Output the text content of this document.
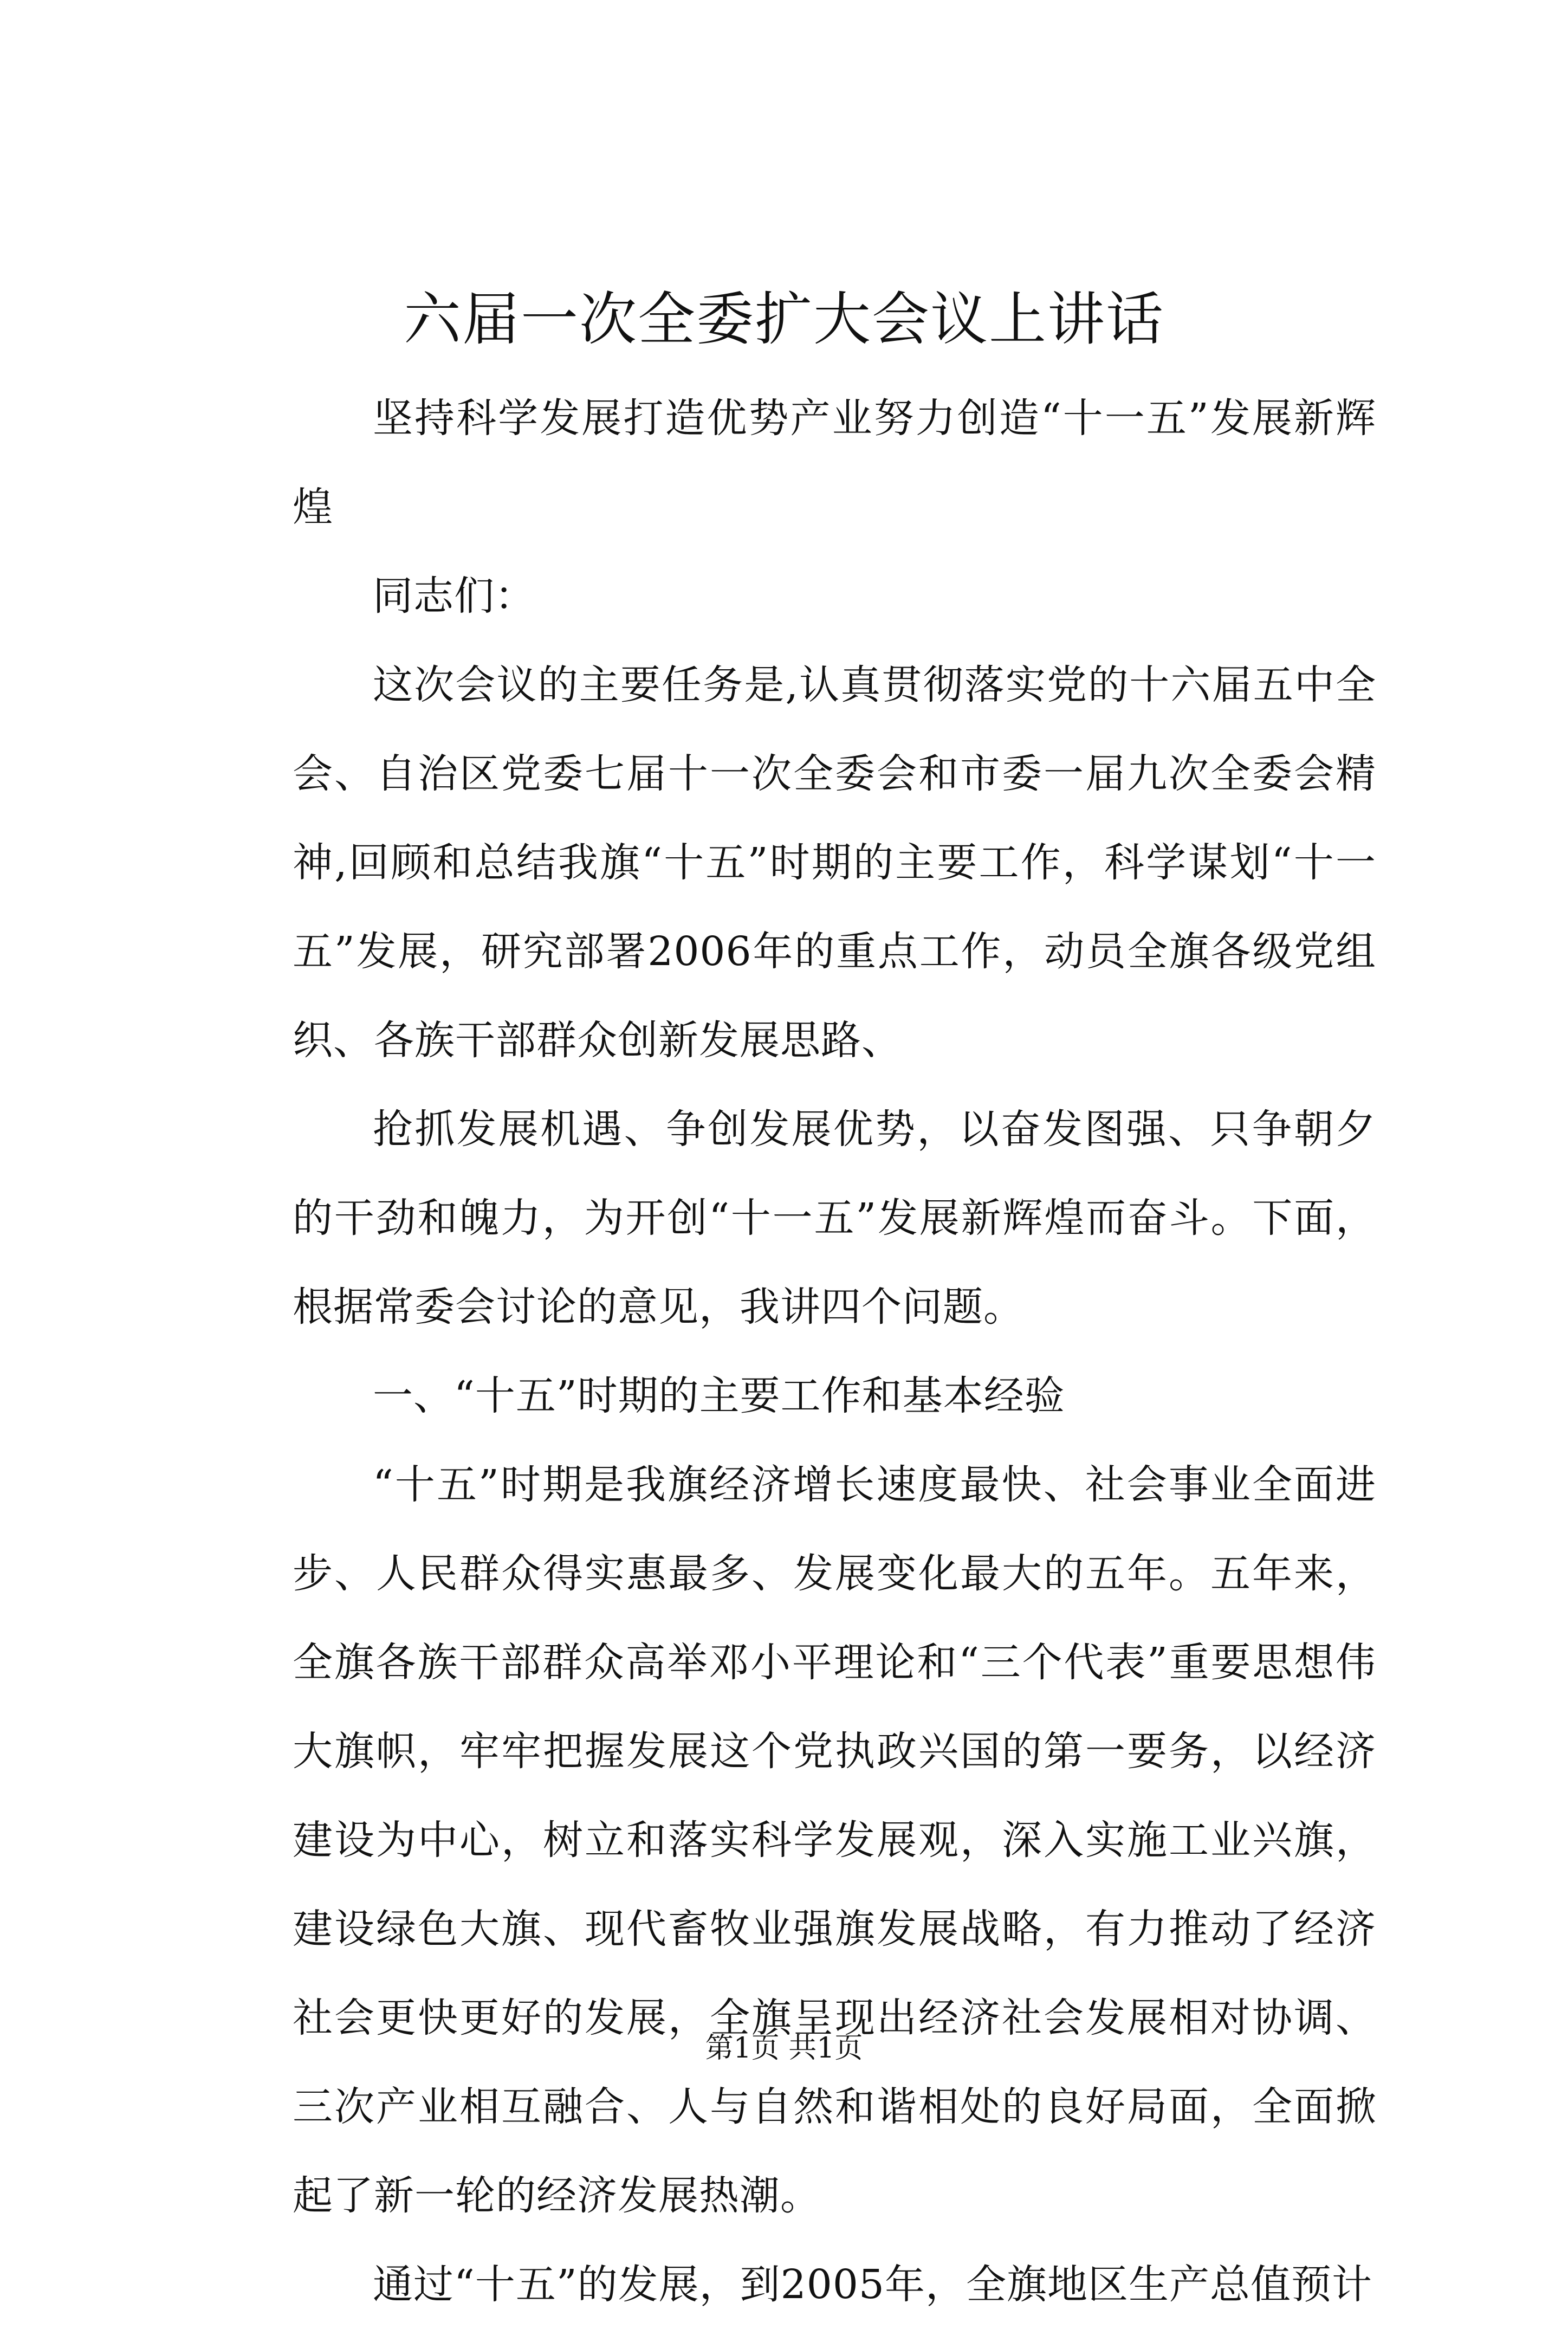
六届一次全委扩大会议上讲话

坚持科学发展打造优势产业努力创造“十一五”发展新辉煌

同志们：

这次会议的主要任务是,认真贯彻落实党的十六届五中全会、自治区党委七届十一次全委会和市委一届九次全委会精神,回顾和总结我旗“十五”时期的主要工作，科学谋划“十一五”发展，研究部署2006年的重点工作，动员全旗各级党组织、各族干部群众创新发展思路、

抢抓发展机遇、争创发展优势，以奋发图强、只争朝夕的干劲和魄力，为开创“十一五”发展新辉煌而奋斗。下面，根据常委会讨论的意见，我讲四个问题。

一、“十五”时期的主要工作和基本经验

“十五”时期是我旗经济增长速度最快、社会事业全面进步、人民群众得实惠最多、发展变化最大的五年。五年来，全旗各族干部群众高举邓小平理论和“三个代表”重要思想伟大旗帜，牢牢把握发展这个党执政兴国的第一要务，以经济建设为中心，树立和落实科学发展观，深入实施工业兴旗，建设绿色大旗、现代畜牧业强旗发展战略，有力推动了经济社会更快更好的发展，全旗呈现出经济社会发展相对协调、三次产业相互融合、人与自然和谐相处的良好局面，全面掀起了新一轮的经济发展热潮。

通过“十五”的发展，到2005年，全旗地区生产总值预计

第1页 共1页
